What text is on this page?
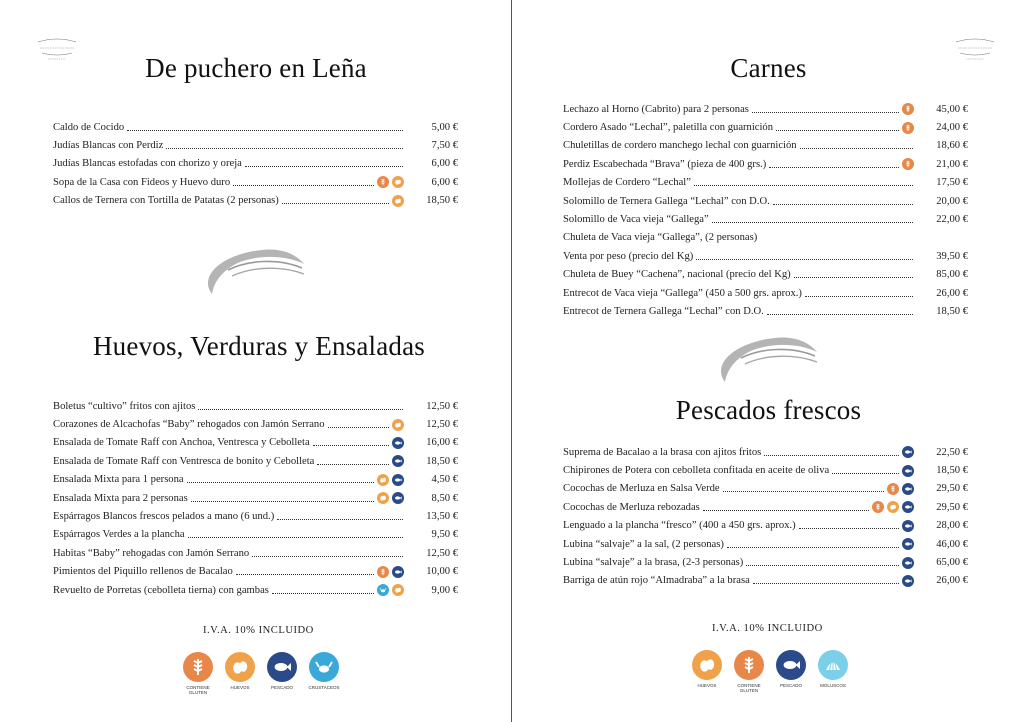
De puchero en Leña
Caldo de Cocido	5,00 €
Judías Blancas con Perdiz	7,50 €
Judías Blancas estofadas con chorizo y oreja	6,00 €
Sopa de la Casa con Fideos y Huevo duro	6,00 €
Callos de Ternera con Tortilla de Patatas (2 personas)	18,50 €
Huevos, Verduras y Ensaladas
Boletus “cultivo” fritos con ajitos	12,50 €
Corazones de Alcachofas “Baby” rehogados con Jamón Serrano	12,50 €
Ensalada de Tomate Raff con Anchoa, Ventresca y Cebolleta	16,00 €
Ensalada de Tomate Raff con Ventresca de bonito y Cebolleta	18,50 €
Ensalada Mixta para 1 persona	4,50 €
Ensalada Mixta para 2 personas	8,50 €
Espárragos Blancos frescos pelados a mano (6 und.)	13,50 €
Espárragos Verdes a la plancha	9,50 €
Habitas “Baby” rehogadas con Jamón Serrano	12,50 €
Pimientos del Piquillo rellenos de Bacalao	10,00 €
Revuelto de Porretas (cebolleta tierna) con gambas	9,00 €
I.V.A. 10% INCLUIDO
CONTIENE GLUTEN
HUEVOS	PESCADO	CRUSTACEOS
Carnes
Lechazo al Horno (Cabrito) para 2 personas	45,00 €
Cordero Asado “Lechal”, paletilla con guarnición	24,00 €
Chuletillas de cordero manchego lechal con guarnición	18,60 €
Perdiz Escabechada “Brava” (pieza de 400 grs.)	21,00 €
Mollejas de Cordero “Lechal”	17,50 €
Solomillo de Ternera Gallega “Lechal” con D.O.	20,00 €
Solomillo de Vaca vieja “Gallega”	22,00 €
Chuleta de Vaca vieja “Gallega”, (2 personas)
Venta por peso (precio del Kg)	39,50 €
Chuleta de Buey “Cachena”, nacional (precio del Kg)	85,00 €
Entrecot de Vaca vieja “Gallega” (450 a 500 grs. aprox.)	26,00 €
Entrecot de Ternera Gallega “Lechal” con D.O.	18,50 €
Pescados frescos
Suprema de Bacalao a la brasa con ajitos fritos	22,50 €
Chipirones de Potera con cebolleta confitada en aceite de oliva	18,50 €
Cocochas de Merluza en Salsa Verde	29,50 €
Cocochas de Merluza rebozadas	29,50 €
Lenguado a la plancha “fresco” (400 a 450 grs. aprox.)	28,00 €
Lubina “salvaje” a la sal, (2 personas)	46,00 €
Lubina “salvaje” a la brasa, (2-3 personas)	65,00 €
Barriga de atún rojo “Almadraba” a la brasa	26,00 €
I.V.A. 10% INCLUIDO
HUEVOS	CONTIENE GLUTEN
PESCADO	MOLUSCOS
